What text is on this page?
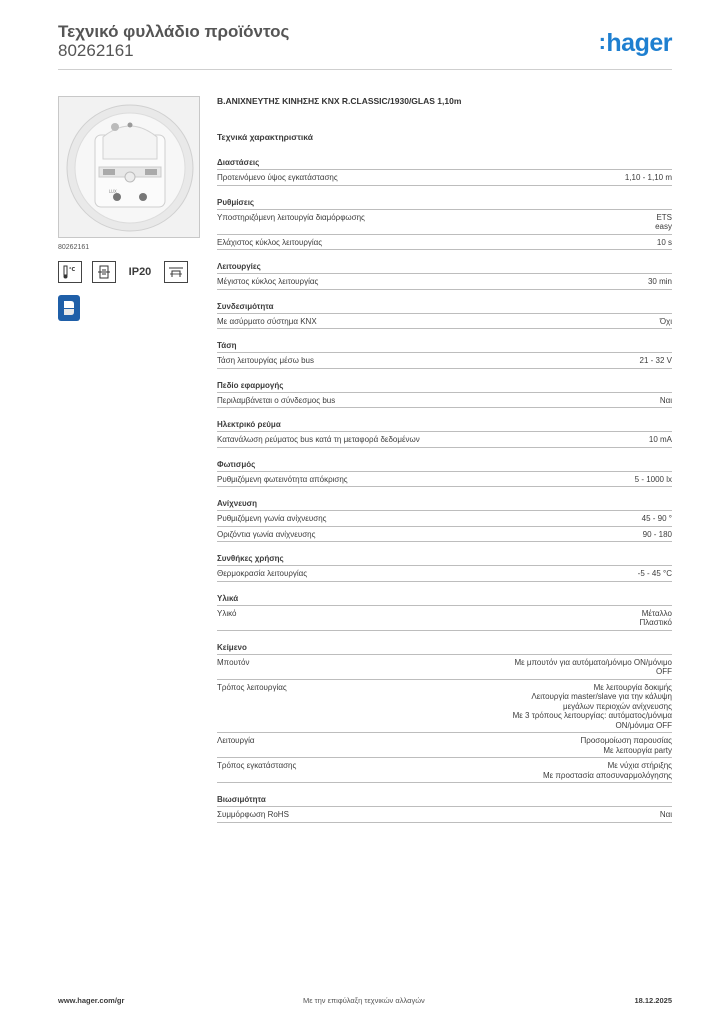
Τεχνικό φυλλάδιο προϊόντος
80262161	:hager
LUX
80262161
°C	IP20
Β.ΑΝΙΧΝΕΥΤΗΣ ΚΙΝΗΣΗΣ KNX R.CLASSIC/1930/GLAS 1,10m
Τεχνικά χαρακτηριστικά
Διαστάσεις
Προτεινόμενο ύψος εγκατάστασης	1,10 - 1,10 m
Ρυθμίσεις
Υποστηριζόμενη λειτουργία διαμόρφωσης	ETS
easy
Ελάχιστος κύκλος λειτουργίας	10 s
Λειτουργίες
Μέγιστος κύκλος λειτουργίας	30 min
Συνδεσιμότητα
Με ασύρματο σύστημα KNX	Όχι
Τάση
Τάση λειτουργίας μέσω bus	21 - 32 V
Πεδίο εφαρμογής
Περιλαμβάνεται ο σύνδεσμος bus	Ναι
Ηλεκτρικό ρεύμα
Κατανάλωση ρεύματος bus κατά τη μεταφορά δεδομένων	10 mA
Φωτισμός
Ρυθμιζόμενη φωτεινότητα απόκρισης	5 - 1000 lx
Ανίχνευση
Ρυθμιζόμενη γωνία ανίχνευσης	45 - 90 °
Οριζόντια γωνία ανίχνευσης	90 - 180
Συνθήκες χρήσης
Θερμοκρασία λειτουργίας	-5 - 45 °C
Υλικά
Υλικό	Μέταλλο
Πλαστικό
Κείμενο
Μπουτόν	Με μπουτόν για αυτόματο/μόνιμο ON/μόνιμο
OFF
Τρόπος λειτουργίας	Με λειτουργία δοκιμής
Λειτουργία master/slave για την κάλυψη
μεγάλων περιοχών ανίχνευσης
Με 3 τρόπους λειτουργίας: αυτόματος/μόνιμα
ON/μόνιμα OFF
Λειτουργία	Προσομοίωση παρουσίας
Με λειτουργία party
Τρόπος εγκατάστασης	Με νύχια στήριξης
Με προστασία αποσυναρμολόγησης
Βιωσιμότητα
Συμμόρφωση RoHS	Ναι
www.hager.com/gr	Με την επιφύλαξη τεχνικών αλλαγών	18.12.2025
